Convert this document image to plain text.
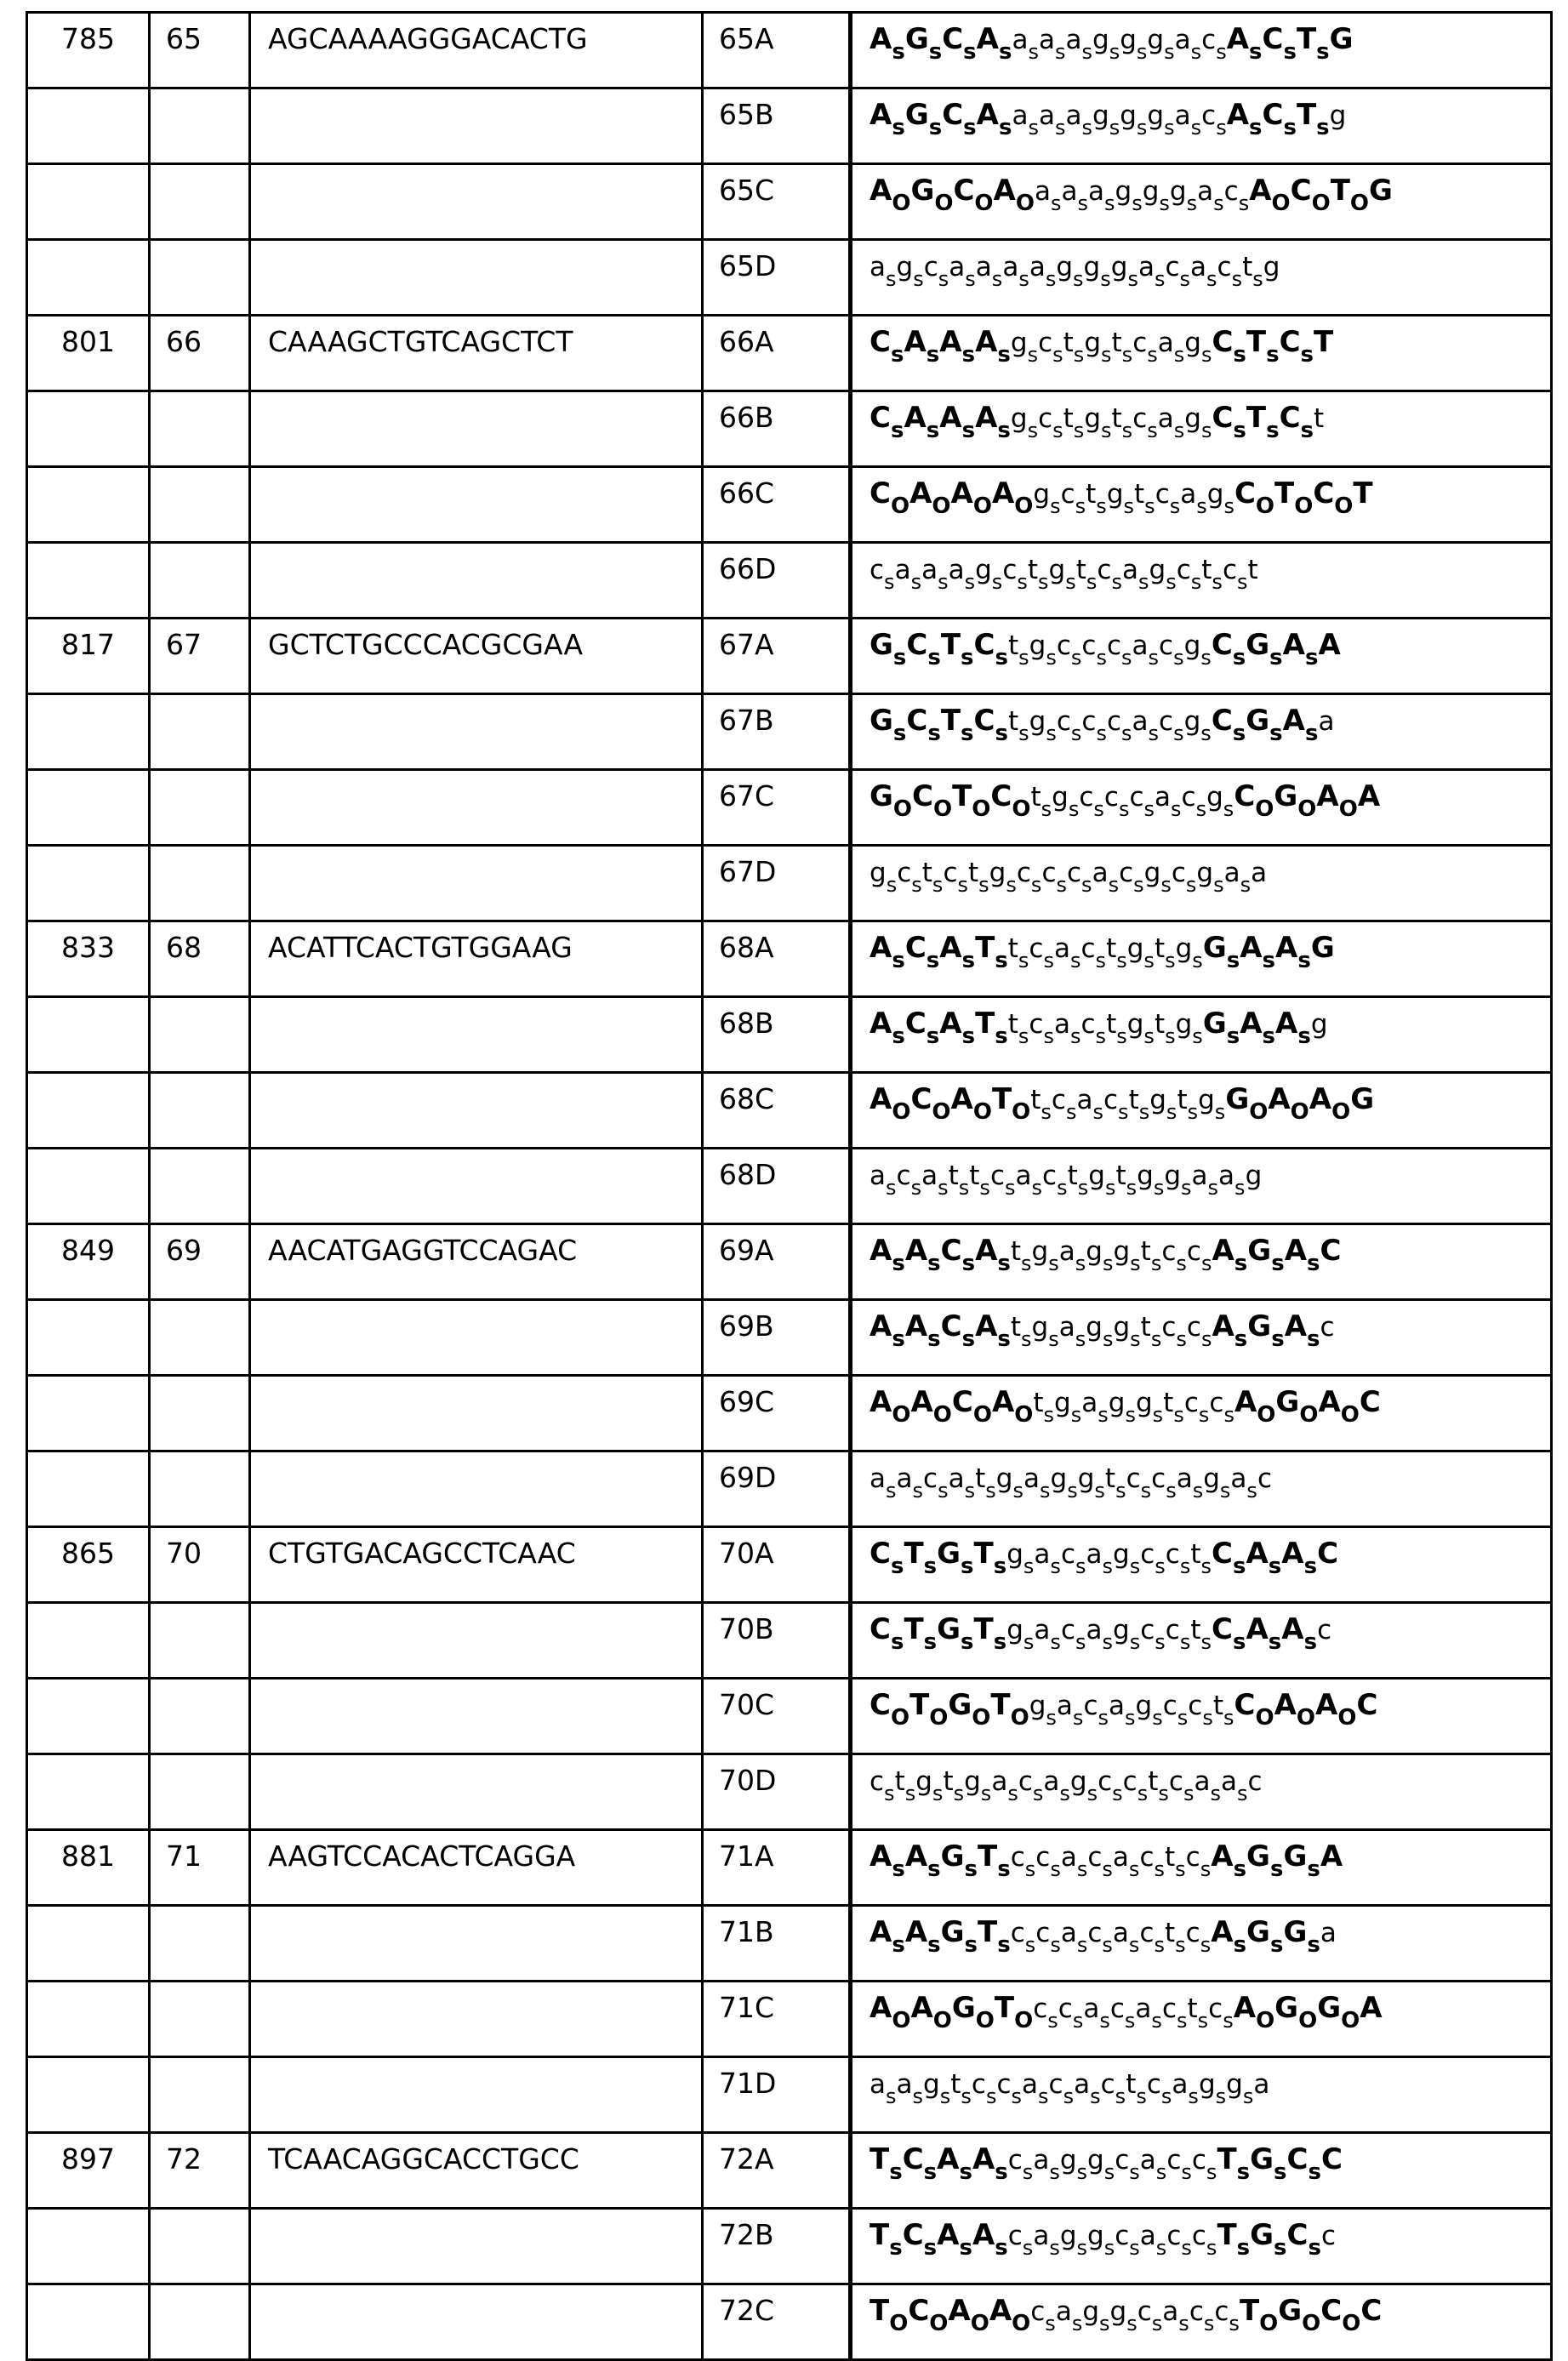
785	65	AGCAAAAGGGACACTG	65A	AsGsCsAsasasasgsgsgsascsAsCsTsG
			65B	AsGsCsAsasasasgsgsgsascsAsCsTsg
			65C	AOGOCOAOasasasgsgsgsascsAOCOTOG
			65D	asgscsasasasasgsgsgsascsascstsg
801	66	CAAAGCTGTCAGCTCT	66A	CsAsAsAsgscstsgstscsasgsCsTsCsT
			66B	CsAsAsAsgscstsgstscsasgsCsTsCst
			66C	COAOAOAOgscstsgstscsasgsCOTOCOT
			66D	csasasasgscstsgstscsasgscstscst
817	67	GCTCTGCCCACGCGAA	67A	GsCsTsCstsgscscscsascsgsCsGsAsA
			67B	GsCsTsCstsgscscscsascsgsCsGsAsa
			67C	GOCOTOCOtsgscscscsascsgsCOGOAOA
			67D	gscstscstsgscscscsascsgscsgsasa
833	68	ACATTCACTGTGGAAG	68A	AsCsAsTstscsascstsgstsgsGsAsAsG
			68B	AsCsAsTstscsascstsgstsgsGsAsAsg
			68C	AOCOAOTOtscsascstsgstsgsGOAOAOG
			68D	ascsaststscsascstsgstsgsgsasasg
849	69	AACATGAGGTCCAGAC	69A	AsAsCsAstsgsasgsgstscscsAsGsAsC
			69B	AsAsCsAstsgsasgsgstscscsAsGsAsc
			69C	AOAOCOAOtsgsasgsgstscscsAOGOAOC
			69D	asascsastsgsasgsgstscscsasgsasc
865	70	CTGTGACAGCCTCAAC	70A	CsTsGsTsgsascsasgscscstsCsAsAsC
			70B	CsTsGsTsgsascsasgscscstsCsAsAsc
			70C	COTOGOTOgsascsasgscscstsCOAOAOC
			70D	cstsgstsgsascsasgscscstscsasasc
881	71	AAGTCCACACTCAGGA	71A	AsAsGsTscscsascsascstscsAsGsGsA
			71B	AsAsGsTscscsascsascstscsAsGsGsa
			71C	AOAOGOTOcscsascsascstscsAOGOGOA
			71D	asasgstscscsascsascstscsasgsgsa
897	72	TCAACAGGCACCTGCC	72A	TsCsAsAscsasgsgscsascscsTsGsCsC
			72B	TsCsAsAscsasgsgscsascscsTsGsCsc
			72C	TOCOAOAOcsasgsgscsascscsTOGOCOC
